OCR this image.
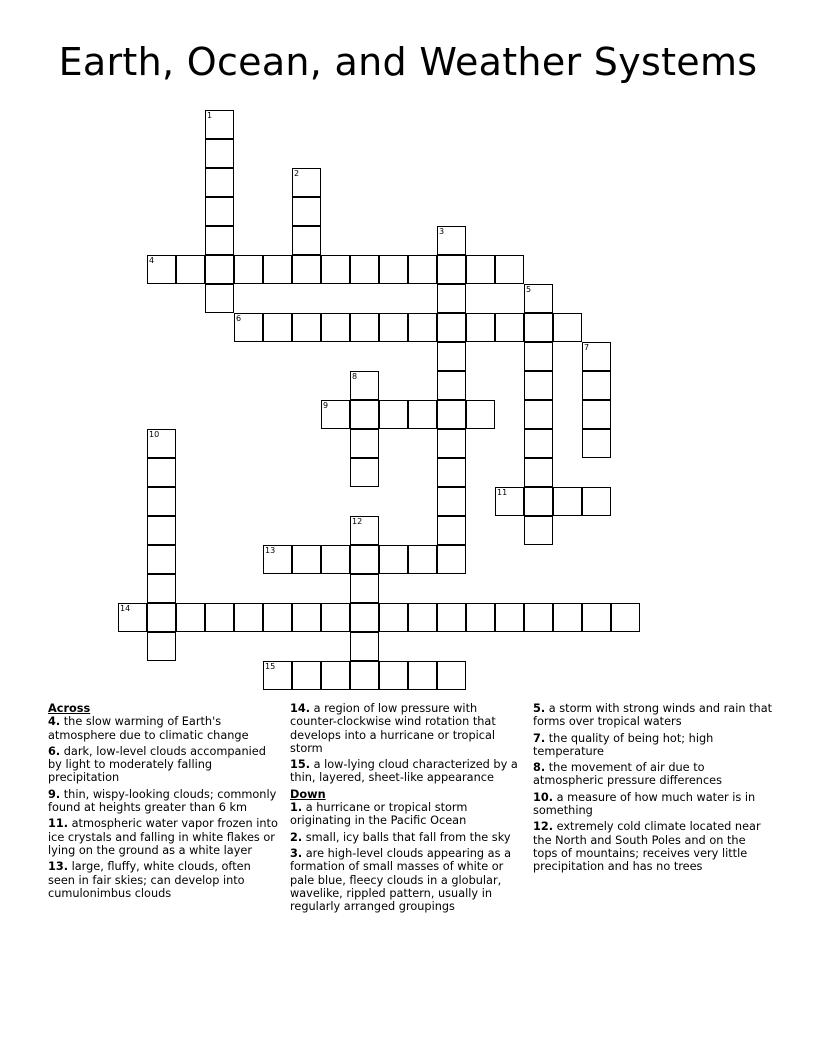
Earth, Ocean, and Weather Systems
1
2
3
4
5
6
7
8
9
10
11
12
13
14
15
Across
4. the slow warming of Earth's atmosphere due to climatic change
6. dark, low-level clouds accompanied by light to moderately falling precipitation
9. thin, wispy-looking clouds; commonly found at heights greater than 6 km
11. atmospheric water vapor frozen into ice crystals and falling in white flakes or lying on the ground as a white layer
13. large, fluffy, white clouds, often seen in fair skies; can develop into cumulonimbus clouds
14. a region of low pressure with counter-clockwise wind rotation that develops into a hurricane or tropical storm
15. a low-lying cloud characterized by a thin, layered, sheet-like appearance
Down
1. a hurricane or tropical storm originating in the Pacific Ocean
2. small, icy balls that fall from the sky
3. are high-level clouds appearing as a formation of small masses of white or pale blue, fleecy clouds in a globular, wavelike, rippled pattern, usually in regularly arranged groupings
5. a storm with strong winds and rain that forms over tropical waters
7. the quality of being hot; high temperature
8. the movement of air due to atmospheric pressure differences
10. a measure of how much water is in something
12. extremely cold climate located near the North and South Poles and on the tops of mountains; receives very little precipitation and has no trees
